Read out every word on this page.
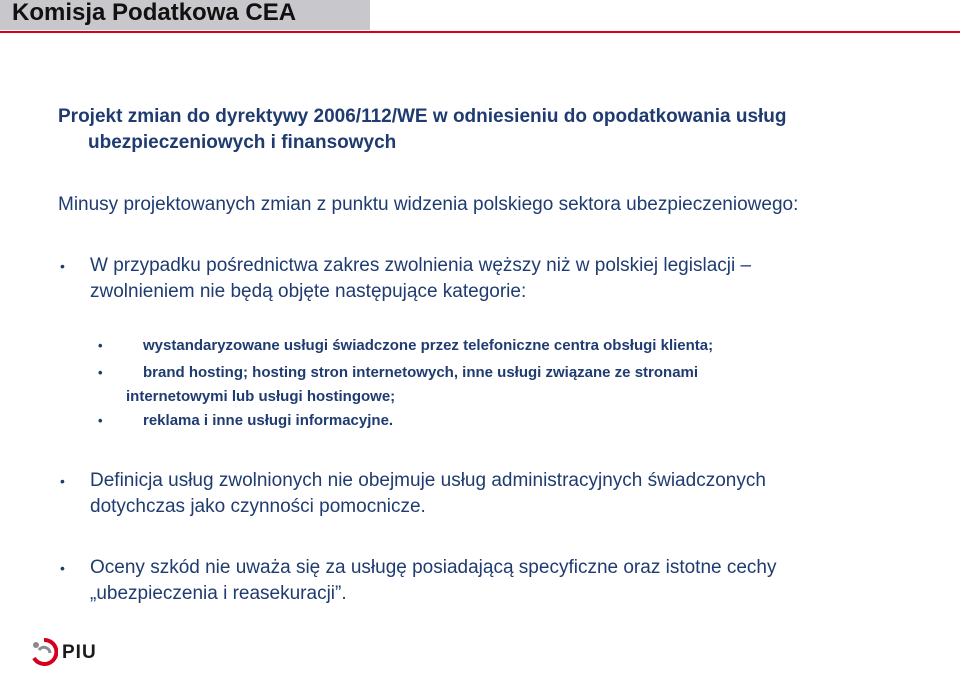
Komisja Podatkowa CEA
Projekt zmian do dyrektywy 2006/112/WE w odniesieniu do opodatkowania usług
ubezpieczeniowych i finansowych
Minusy projektowanych zmian z punktu widzenia polskiego sektora ubezpieczeniowego:
•	W przypadku pośrednictwa zakres zwolnienia węższy niż w polskiej legislacji –
zwolnieniem nie będą objęte następujące kategorie:
•	wystandaryzowane usługi świadczone przez telefoniczne centra obsługi klienta;
•	brand hosting; hosting stron internetowych, inne usługi związane ze stronami
internetowymi lub usługi hostingowe;
•	reklama i inne usługi informacyjne.
•	Definicja usług zwolnionych nie obejmuje usług administracyjnych świadczonych
dotychczas jako czynności pomocnicze.
•	Oceny szkód nie uważa się za usługę posiadającą specyficzne oraz istotne cechy
„ubezpieczenia i reasekuracji”.
PIU
